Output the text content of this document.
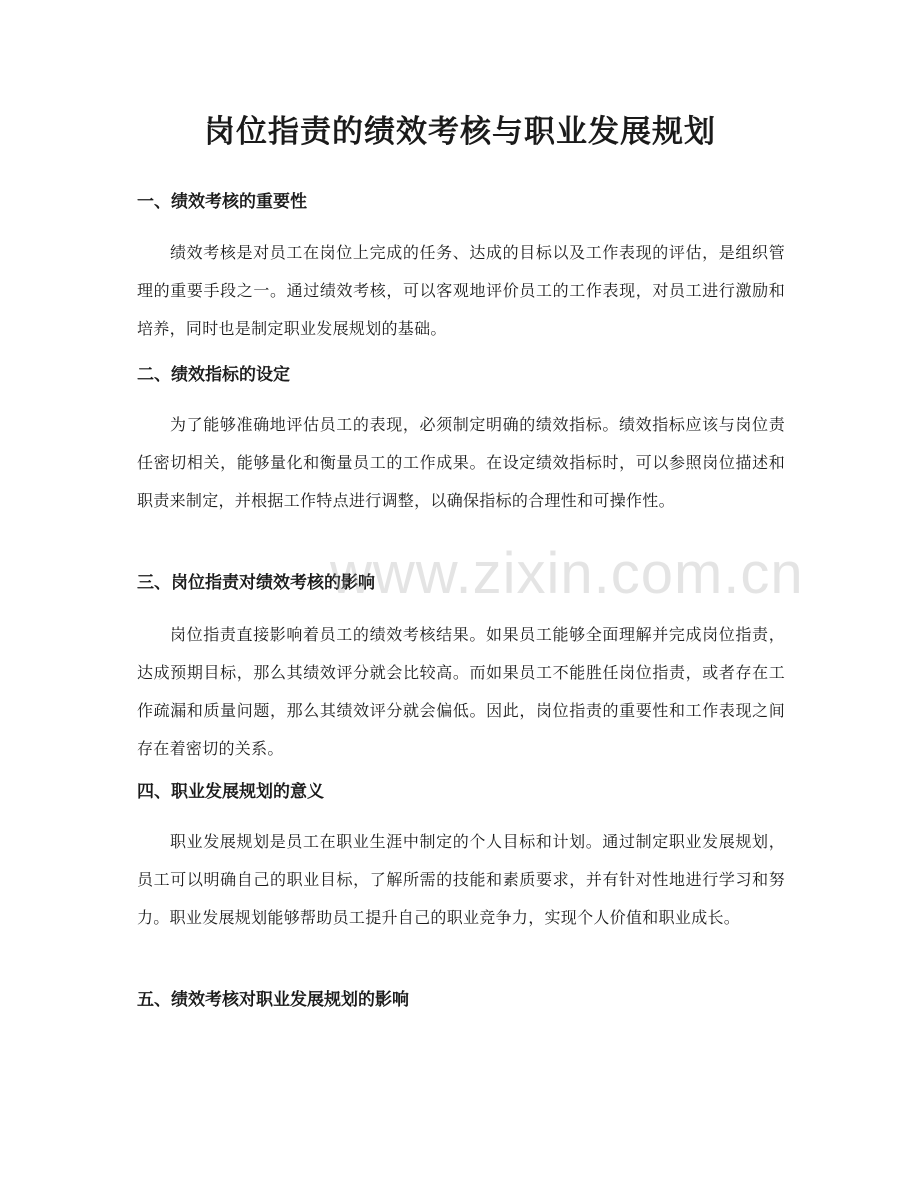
岗位指责的绩效考核与职业发展规划
一、绩效考核的重要性

绩效考核是对员工在岗位上完成的任务、达成的目标以及工作表现的评估，是组织管理的重要手段之一。通过绩效考核，可以客观地评价员工的工作表现，对员工进行激励和培养，同时也是制定职业发展规划的基础。

二、绩效指标的设定

为了能够准确地评估员工的表现，必须制定明确的绩效指标。绩效指标应该与岗位责任密切相关，能够量化和衡量员工的工作成果。在设定绩效指标时，可以参照岗位描述和职责来制定，并根据工作特点进行调整，以确保指标的合理性和可操作性。

三、岗位指责对绩效考核的影响

岗位指责直接影响着员工的绩效考核结果。如果员工能够全面理解并完成岗位指责，达成预期目标，那么其绩效评分就会比较高。而如果员工不能胜任岗位指责，或者存在工作疏漏和质量问题，那么其绩效评分就会偏低。因此，岗位指责的重要性和工作表现之间存在着密切的关系。

四、职业发展规划的意义

职业发展规划是员工在职业生涯中制定的个人目标和计划。通过制定职业发展规划，员工可以明确自己的职业目标，了解所需的技能和素质要求，并有针对性地进行学习和努力。职业发展规划能够帮助员工提升自己的职业竞争力，实现个人价值和职业成长。

五、绩效考核对职业发展规划的影响
www.zixin.com.cn
